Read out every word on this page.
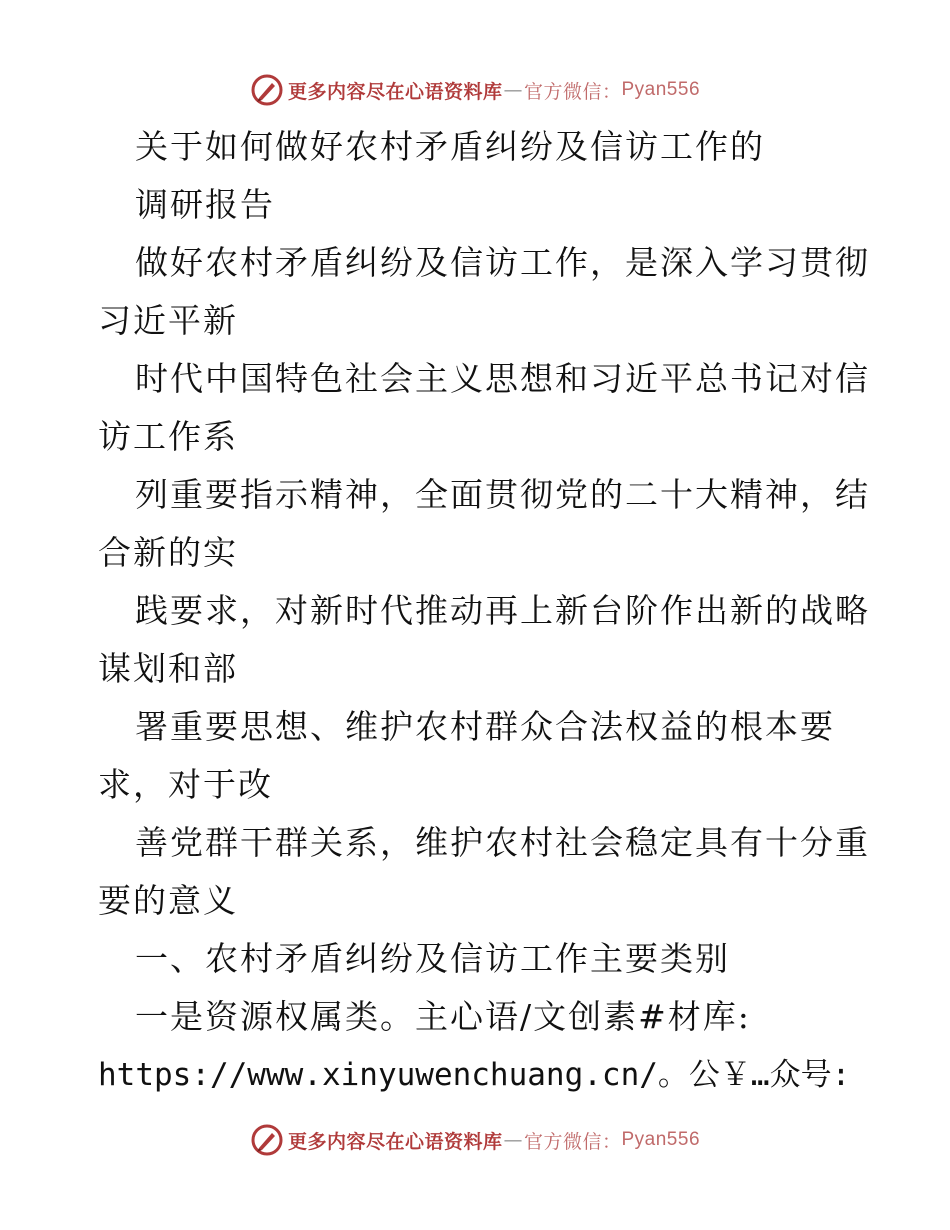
更多内容尽在心语资料库 — 官方微信： Pyan556
关于如何做好农村矛盾纠纷及信访工作的
调研报告
做好农村矛盾纠纷及信访工作，是深入学习贯彻
习近平新
时代中国特色社会主义思想和习近平总书记对信
访工作系
列重要指示精神，全面贯彻党的二十大精神，结
合新的实
践要求，对新时代推动再上新台阶作出新的战略
谋划和部
署重要思想、维护农村群众合法权益的根本要
求，对于改
善党群干群关系，维护农村社会稳定具有十分重
要的意义
一、农村矛盾纠纷及信访工作主要类别
一是资源权属类。主心语/文创素#材库:
https://www.xinyuwenchuang.cn/。公￥…众号:
更多内容尽在心语资料库 — 官方微信： Pyan556
